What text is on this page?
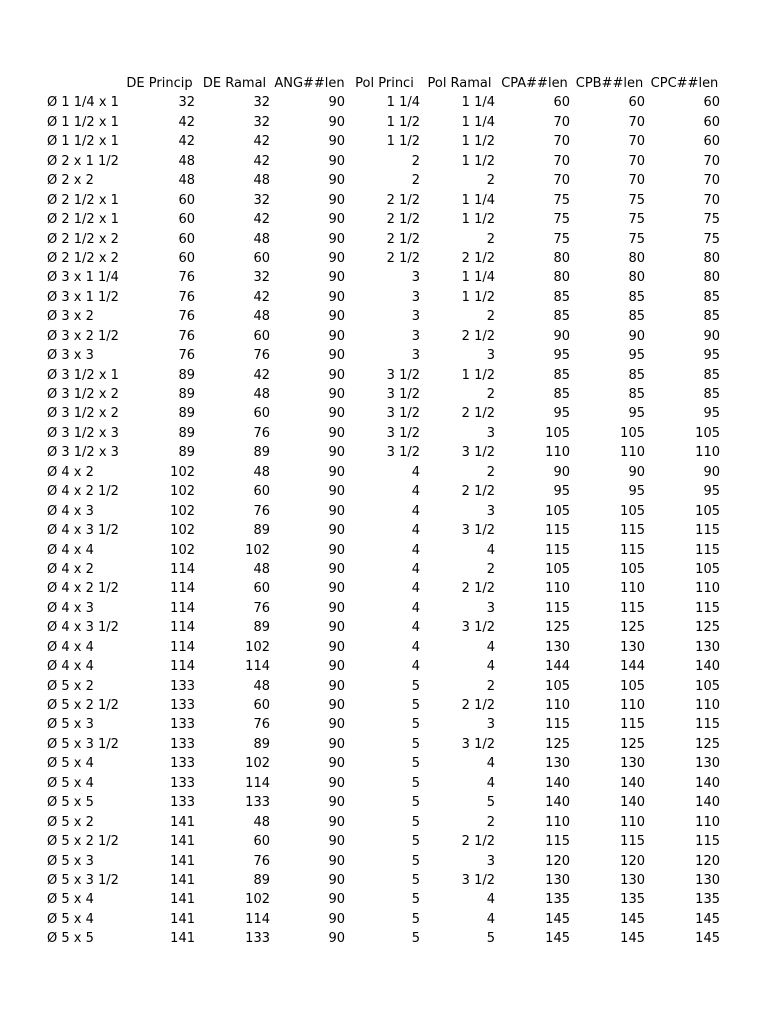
	DE Princip	DE Ramal	ANG##len	Pol Princi	Pol Ramal	CPA##len	CPB##len	CPC##len
Ø 1 1/4 x 1	32	32	90	1 1/4	1 1/4	60	60	60
Ø 1 1/2 x 1	42	32	90	1 1/2	1 1/4	70	70	60
Ø 1 1/2 x 1	42	42	90	1 1/2	1 1/2	70	70	60
Ø 2 x 1 1/2	48	42	90	2	1 1/2	70	70	70
Ø 2 x 2	48	48	90	2	2	70	70	70
Ø 2 1/2 x 1	60	32	90	2 1/2	1 1/4	75	75	70
Ø 2 1/2 x 1	60	42	90	2 1/2	1 1/2	75	75	75
Ø 2 1/2 x 2	60	48	90	2 1/2	2	75	75	75
Ø 2 1/2 x 2	60	60	90	2 1/2	2 1/2	80	80	80
Ø 3 x 1 1/4	76	32	90	3	1 1/4	80	80	80
Ø 3 x 1 1/2	76	42	90	3	1 1/2	85	85	85
Ø 3 x 2	76	48	90	3	2	85	85	85
Ø 3 x 2 1/2	76	60	90	3	2 1/2	90	90	90
Ø 3 x 3	76	76	90	3	3	95	95	95
Ø 3 1/2 x 1	89	42	90	3 1/2	1 1/2	85	85	85
Ø 3 1/2 x 2	89	48	90	3 1/2	2	85	85	85
Ø 3 1/2 x 2	89	60	90	3 1/2	2 1/2	95	95	95
Ø 3 1/2 x 3	89	76	90	3 1/2	3	105	105	105
Ø 3 1/2 x 3	89	89	90	3 1/2	3 1/2	110	110	110
Ø 4 x 2	102	48	90	4	2	90	90	90
Ø 4 x 2 1/2	102	60	90	4	2 1/2	95	95	95
Ø 4 x 3	102	76	90	4	3	105	105	105
Ø 4 x 3 1/2	102	89	90	4	3 1/2	115	115	115
Ø 4 x 4	102	102	90	4	4	115	115	115
Ø 4 x 2	114	48	90	4	2	105	105	105
Ø 4 x 2 1/2	114	60	90	4	2 1/2	110	110	110
Ø 4 x 3	114	76	90	4	3	115	115	115
Ø 4 x 3 1/2	114	89	90	4	3 1/2	125	125	125
Ø 4 x 4	114	102	90	4	4	130	130	130
Ø 4 x 4	114	114	90	4	4	144	144	140
Ø 5 x 2	133	48	90	5	2	105	105	105
Ø 5 x 2 1/2	133	60	90	5	2 1/2	110	110	110
Ø 5 x 3	133	76	90	5	3	115	115	115
Ø 5 x 3 1/2	133	89	90	5	3 1/2	125	125	125
Ø 5 x 4	133	102	90	5	4	130	130	130
Ø 5 x 4	133	114	90	5	4	140	140	140
Ø 5 x 5	133	133	90	5	5	140	140	140
Ø 5 x 2	141	48	90	5	2	110	110	110
Ø 5 x 2 1/2	141	60	90	5	2 1/2	115	115	115
Ø 5 x 3	141	76	90	5	3	120	120	120
Ø 5 x 3 1/2	141	89	90	5	3 1/2	130	130	130
Ø 5 x 4	141	102	90	5	4	135	135	135
Ø 5 x 4	141	114	90	5	4	145	145	145
Ø 5 x 5	141	133	90	5	5	145	145	145
